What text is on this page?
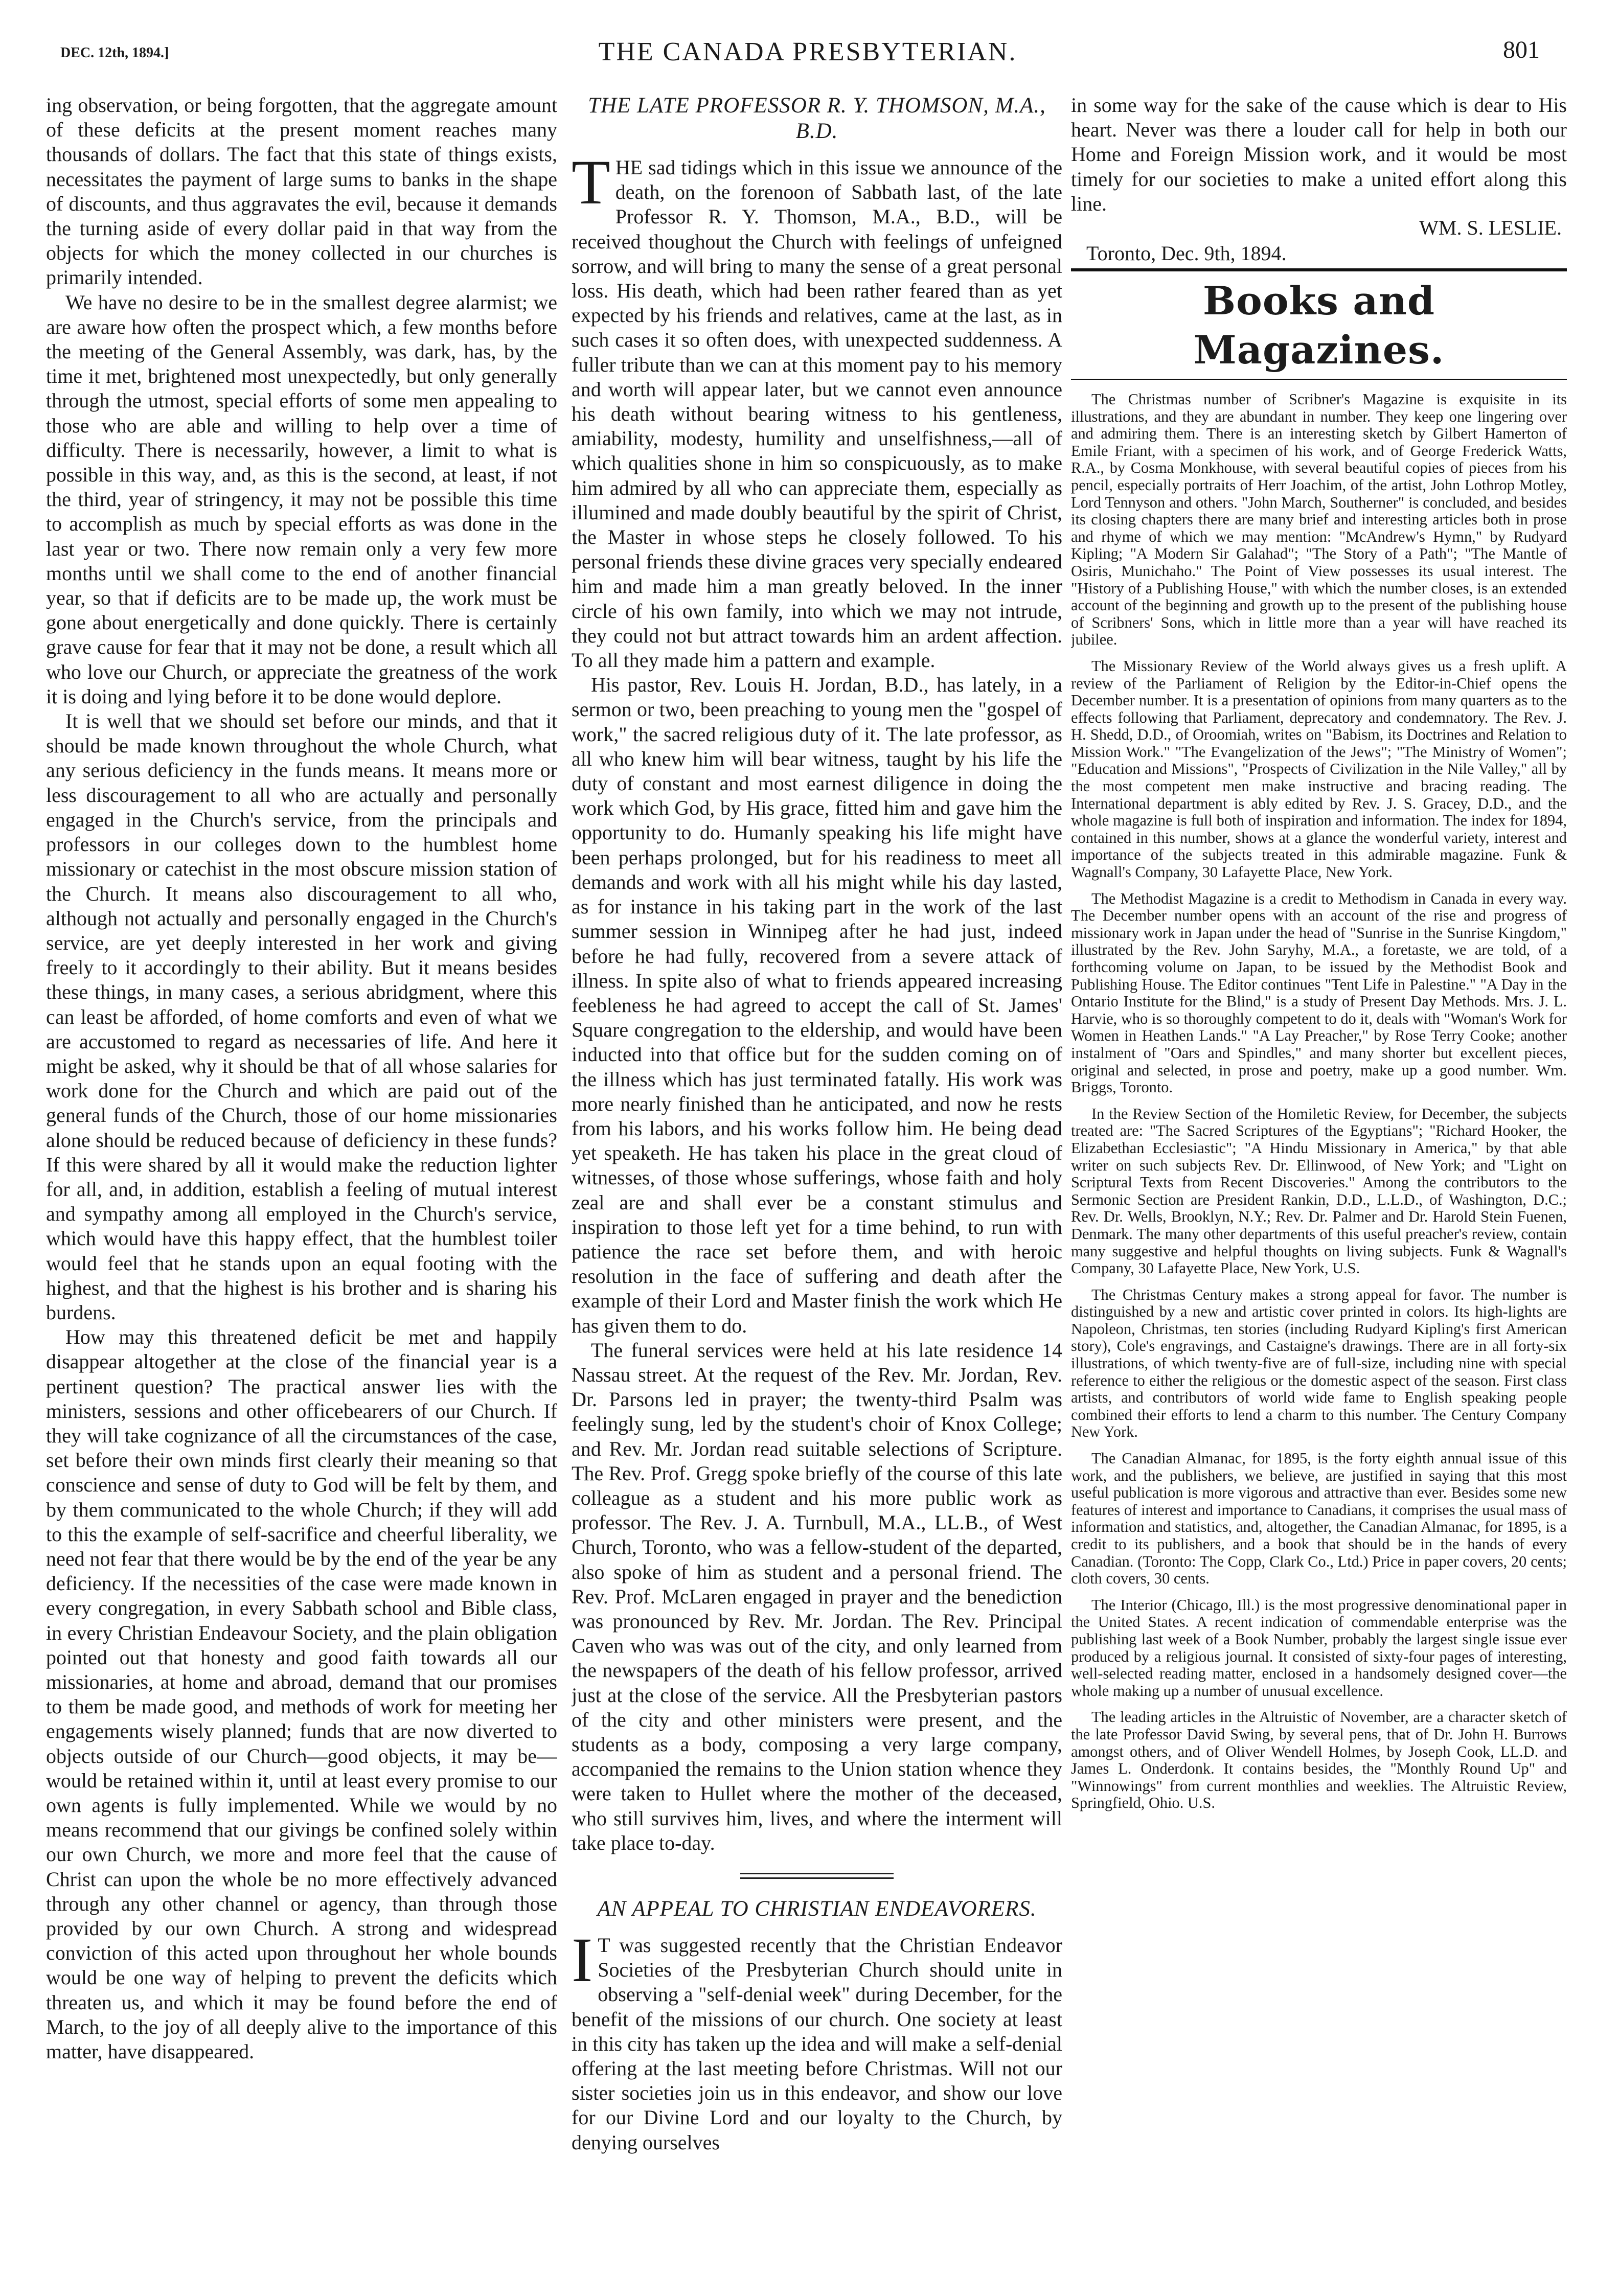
DEC. 12th, 1894.]	THE CANADA PRESBYTERIAN.	801

ing observation, or being forgotten, that the aggregate amount of these deficits at the present moment reaches many thousands of dollars. The fact that this state of things exists, necessitates the payment of large sums to banks in the shape of discounts, and thus aggravates the evil, because it demands the turning aside of every dollar paid in that way from the objects for which the money collected in our churches is primarily intended.

We have no desire to be in the smallest degree alarmist; we are aware how often the prospect which, a few months before the meeting of the General Assembly, was dark, has, by the time it met, brightened most unexpectedly, but only generally through the utmost, special efforts of some men appealing to those who are able and willing to help over a time of difficulty. There is necessarily, however, a limit to what is possible in this way, and, as this is the second, at least, if not the third, year of stringency, it may not be possible this time to accomplish as much by special efforts as was done in the last year or two. There now remain only a very few more months until we shall come to the end of another financial year, so that if deficits are to be made up, the work must be gone about energetically and done quickly. There is certainly grave cause for fear that it may not be done, a result which all who love our Church, or appreciate the greatness of the work it is doing and lying before it to be done would deplore.

It is well that we should set before our minds, and that it should be made known throughout the whole Church, what any serious deficiency in the funds means. It means more or less discouragement to all who are actually and personally engaged in the Church's service, from the principals and professors in our colleges down to the humblest home missionary or catechist in the most obscure mission station of the Church. It means also discouragement to all who, although not actually and personally engaged in the Church's service, are yet deeply interested in her work and giving freely to it accordingly to their ability. But it means besides these things, in many cases, a serious abridgment, where this can least be afforded, of home comforts and even of what we are accustomed to regard as necessaries of life. And here it might be asked, why it should be that of all whose salaries for work done for the Church and which are paid out of the general funds of the Church, those of our home missionaries alone should be reduced because of deficiency in these funds? If this were shared by all it would make the reduction lighter for all, and, in addition, establish a feeling of mutual interest and sympathy among all employed in the Church's service, which would have this happy effect, that the humblest toiler would feel that he stands upon an equal footing with the highest, and that the highest is his brother and is sharing his burdens.

How may this threatened deficit be met and happily disappear altogether at the close of the financial year is a pertinent question? The practical answer lies with the ministers, sessions and other officebearers of our Church. If they will take cognizance of all the circumstances of the case, set before their own minds first clearly their meaning so that conscience and sense of duty to God will be felt by them, and by them communicated to the whole Church; if they will add to this the example of self-sacrifice and cheerful liberality, we need not fear that there would be by the end of the year be any deficiency. If the necessities of the case were made known in every congregation, in every Sabbath school and Bible class, in every Christian Endeavour Society, and the plain obligation pointed out that honesty and good faith towards all our missionaries, at home and abroad, demand that our promises to them be made good, and methods of work for meeting her engagements wisely planned; funds that are now diverted to objects outside of our Church—good objects, it may be—would be retained within it, until at least every promise to our own agents is fully implemented. While we would by no means recommend that our givings be confined solely within our own Church, we more and more feel that the cause of Christ can upon the whole be no more effectively advanced through any other channel or agency, than through those provided by our own Church. A strong and widespread conviction of this acted upon throughout her whole bounds would be one way of helping to prevent the deficits which threaten us, and which it may be found before the end of March, to the joy of all deeply alive to the importance of this matter, have disappeared.

THE LATE PROFESSOR R. Y. THOMSON, M.A., B.D.

THE sad tidings which in this issue we announce of the death, on the forenoon of Sabbath last, of the late Professor R. Y. Thomson, M.A., B.D., will be received thoughout the Church with feelings of unfeigned sorrow, and will bring to many the sense of a great personal loss. His death, which had been rather feared than as yet expected by his friends and relatives, came at the last, as in such cases it so often does, with unexpected suddenness. A fuller tribute than we can at this moment pay to his memory and worth will appear later, but we cannot even announce his death without bearing witness to his gentleness, amiability, modesty, humility and unselfishness,—all of which qualities shone in him so conspicuously, as to make him admired by all who can appreciate them, especially as illumined and made doubly beautiful by the spirit of Christ, the Master in whose steps he closely followed. To his personal friends these divine graces very specially endeared him and made him a man greatly beloved. In the inner circle of his own family, into which we may not intrude, they could not but attract towards him an ardent affection. To all they made him a pattern and example.

His pastor, Rev. Louis H. Jordan, B.D., has lately, in a sermon or two, been preaching to young men the "gospel of work," the sacred religious duty of it. The late professor, as all who knew him will bear witness, taught by his life the duty of constant and most earnest diligence in doing the work which God, by His grace, fitted him and gave him the opportunity to do. Humanly speaking his life might have been perhaps prolonged, but for his readiness to meet all demands and work with all his might while his day lasted, as for instance in his taking part in the work of the last summer session in Winnipeg after he had just, indeed before he had fully, recovered from a severe attack of illness. In spite also of what to friends appeared increasing feebleness he had agreed to accept the call of St. James' Square congregation to the eldership, and would have been inducted into that office but for the sudden coming on of the illness which has just terminated fatally. His work was more nearly finished than he anticipated, and now he rests from his labors, and his works follow him. He being dead yet speaketh. He has taken his place in the great cloud of witnesses, of those whose sufferings, whose faith and holy zeal are and shall ever be a constant stimulus and inspiration to those left yet for a time behind, to run with patience the race set before them, and with heroic resolution in the face of suffering and death after the example of their Lord and Master finish the work which He has given them to do.

The funeral services were held at his late residence 14 Nassau street. At the request of the Rev. Mr. Jordan, Rev. Dr. Parsons led in prayer; the twenty-third Psalm was feelingly sung, led by the student's choir of Knox College; and Rev. Mr. Jordan read suitable selections of Scripture. The Rev. Prof. Gregg spoke briefly of the course of this late colleague as a student and his more public work as professor. The Rev. J. A. Turnbull, M.A., LL.B., of West Church, Toronto, who was a fellow-student of the departed, also spoke of him as student and a personal friend. The Rev. Prof. McLaren engaged in prayer and the benediction was pronounced by Rev. Mr. Jordan. The Rev. Principal Caven who was was out of the city, and only learned from the newspapers of the death of his fellow professor, arrived just at the close of the service. All the Presbyterian pastors of the city and other ministers were present, and the students as a body, composing a very large company, accompanied the remains to the Union station whence they were taken to Hullet where the mother of the deceased, who still survives him, lives, and where the interment will take place to-day.

AN APPEAL TO CHRISTIAN ENDEAVORERS.

IT was suggested recently that the Christian Endeavor Societies of the Presbyterian Church should unite in observing a "self-denial week" during December, for the benefit of the missions of our church. One society at least in this city has taken up the idea and will make a self-denial offering at the last meeting before Christmas. Will not our sister societies join us in this endeavor, and show our love for our Divine Lord and our loyalty to the Church, by denying ourselves

in some way for the sake of the cause which is dear to His heart. Never was there a louder call for help in both our Home and Foreign Mission work, and it would be most timely for our societies to make a united effort along this line.

WM. S. LESLIE.
Toronto, Dec. 9th, 1894.
Books and Magazines.

The Christmas number of Scribner's Magazine is exquisite in its illustrations, and they are abundant in number. They keep one lingering over and admiring them. There is an interesting sketch by Gilbert Hamerton of Emile Friant, with a specimen of his work, and of George Frederick Watts, R.A., by Cosma Monkhouse, with several beautiful copies of pieces from his pencil, especially portraits of Herr Joachim, of the artist, John Lothrop Motley, Lord Tennyson and others. "John March, Southerner" is concluded, and besides its closing chapters there are many brief and interesting articles both in prose and rhyme of which we may mention: "McAndrew's Hymn," by Rudyard Kipling; "A Modern Sir Galahad"; "The Story of a Path"; "The Mantle of Osiris, Munichaho." The Point of View possesses its usual interest. The "History of a Publishing House," with which the number closes, is an extended account of the beginning and growth up to the present of the publishing house of Scribners' Sons, which in little more than a year will have reached its jubilee.

The Missionary Review of the World always gives us a fresh uplift. A review of the Parliament of Religion by the Editor-in-Chief opens the December number. It is a presentation of opinions from many quarters as to the effects following that Parliament, deprecatory and condemnatory. The Rev. J. H. Shedd, D.D., of Oroomiah, writes on "Babism, its Doctrines and Relation to Mission Work." "The Evangelization of the Jews"; "The Ministry of Women"; "Education and Missions", "Prospects of Civilization in the Nile Valley," all by the most competent men make instructive and bracing reading. The International department is ably edited by Rev. J. S. Gracey, D.D., and the whole magazine is full both of inspiration and information. The index for 1894, contained in this number, shows at a glance the wonderful variety, interest and importance of the subjects treated in this admirable magazine. Funk & Wagnall's Company, 30 Lafayette Place, New York.

The Methodist Magazine is a credit to Methodism in Canada in every way. The December number opens with an account of the rise and progress of missionary work in Japan under the head of "Sunrise in the Sunrise Kingdom," illustrated by the Rev. John Saryhy, M.A., a foretaste, we are told, of a forthcoming volume on Japan, to be issued by the Methodist Book and Publishing House. The Editor continues "Tent Life in Palestine." "A Day in the Ontario Institute for the Blind," is a study of Present Day Methods. Mrs. J. L. Harvie, who is so thoroughly competent to do it, deals with "Woman's Work for Women in Heathen Lands." "A Lay Preacher," by Rose Terry Cooke; another instalment of "Oars and Spindles," and many shorter but excellent pieces, original and selected, in prose and poetry, make up a good number. Wm. Briggs, Toronto.

In the Review Section of the Homiletic Review, for December, the subjects treated are: "The Sacred Scriptures of the Egyptians"; "Richard Hooker, the Elizabethan Ecclesiastic"; "A Hindu Missionary in America," by that able writer on such subjects Rev. Dr. Ellinwood, of New York; and "Light on Scriptural Texts from Recent Discoveries." Among the contributors to the Sermonic Section are President Rankin, D.D., L.L.D., of Washington, D.C.; Rev. Dr. Wells, Brooklyn, N.Y.; Rev. Dr. Palmer and Dr. Harold Stein Fuenen, Denmark. The many other departments of this useful preacher's review, contain many suggestive and helpful thoughts on living subjects. Funk & Wagnall's Company, 30 Lafayette Place, New York, U.S.

The Christmas Century makes a strong appeal for favor. The number is distinguished by a new and artistic cover printed in colors. Its high-lights are Napoleon, Christmas, ten stories (including Rudyard Kipling's first American story), Cole's engravings, and Castaigne's drawings. There are in all forty-six illustrations, of which twenty-five are of full-size, including nine with special reference to either the religious or the domestic aspect of the season. First class artists, and contributors of world wide fame to English speaking people combined their efforts to lend a charm to this number. The Century Company New York.

The Canadian Almanac, for 1895, is the forty eighth annual issue of this work, and the publishers, we believe, are justified in saying that this most useful publication is more vigorous and attractive than ever. Besides some new features of interest and importance to Canadians, it comprises the usual mass of information and statistics, and, altogether, the Canadian Almanac, for 1895, is a credit to its publishers, and a book that should be in the hands of every Canadian. (Toronto: The Copp, Clark Co., Ltd.) Price in paper covers, 20 cents; cloth covers, 30 cents.

The Interior (Chicago, Ill.) is the most progressive denominational paper in the United States. A recent indication of commendable enterprise was the publishing last week of a Book Number, probably the largest single issue ever produced by a religious journal. It consisted of sixty-four pages of interesting, well-selected reading matter, enclosed in a handsomely designed cover—the whole making up a number of unusual excellence.

The leading articles in the Altruistic of November, are a character sketch of the late Professor David Swing, by several pens, that of Dr. John H. Burrows amongst others, and of Oliver Wendell Holmes, by Joseph Cook, LL.D. and James L. Onderdonk. It contains besides, the "Monthly Round Up" and "Winnowings" from current monthlies and weeklies. The Altruistic Review, Springfield, Ohio. U.S.
